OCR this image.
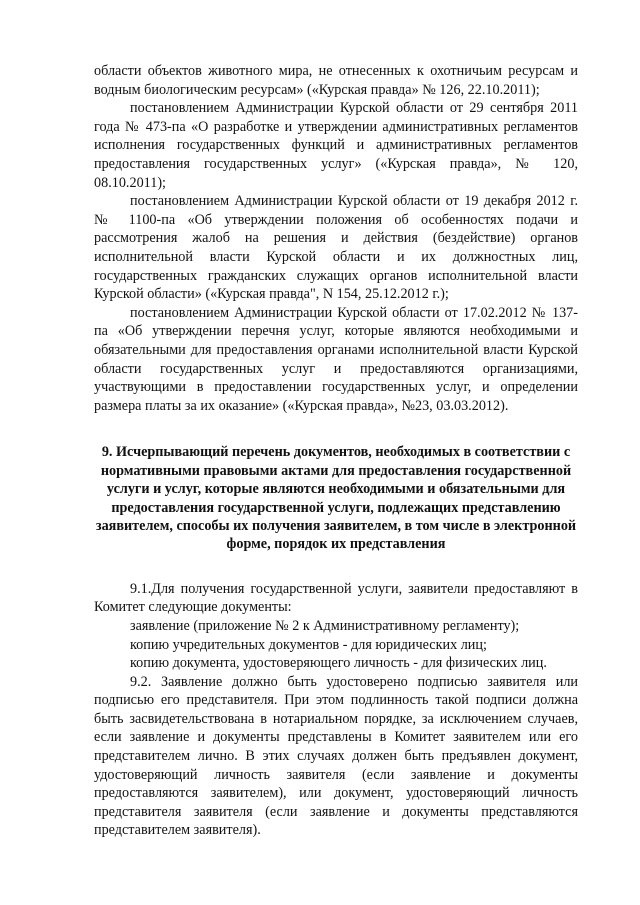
области объектов животного мира, не отнесенных к охотничьим ресурсам и водным биологическим ресурсам» («Курская правда» № 126, 22.10.2011);

постановлением Администрации Курской области от 29 сентября 2011 года № 473-па «О разработке и утверждении административных регламентов исполнения государственных функций и административных регламентов предоставления государственных услуг» («Курская правда», № 120, 08.10.2011);

постановлением Администрации Курской области от 19 декабря 2012 г. № 1100-па «Об утверждении положения об особенностях подачи и рассмотрения жалоб на решения и действия (бездействие) органов исполнительной власти Курской области и их должностных лиц, государственных гражданских служащих органов исполнительной власти Курской области» («Курская правда", N 154, 25.12.2012 г.);

постановлением Администрации Курской области от 17.02.2012 № 137-па «Об утверждении перечня услуг, которые являются необходимыми и обязательными для предоставления органами исполнительной власти Курской области государственных услуг и предоставляются организациями, участвующими в предоставлении государственных услуг, и определении размера платы за их оказание» («Курская правда», №23, 03.03.2012).

9. Исчерпывающий перечень документов, необходимых в соответствии с нормативными правовыми актами для предоставления государственной услуги и услуг, которые являются необходимыми и обязательными для предоставления государственной услуги, подлежащих представлению заявителем, способы их получения заявителем, в том числе в электронной форме, порядок их представления

9.1.Для получения государственной услуги, заявители предоставляют в Комитет следующие документы:

заявление (приложение № 2 к Административному регламенту);

копию учредительных документов - для юридических лиц;

копию документа, удостоверяющего личность - для физических лиц.

9.2. Заявление должно быть удостоверено подписью заявителя или подписью его представителя. При этом подлинность такой подписи должна быть засвидетельствована в нотариальном порядке, за исключением случаев, если заявление и документы представлены в Комитет заявителем или его представителем лично. В этих случаях должен быть предъявлен документ, удостоверяющий личность заявителя (если заявление и документы предоставляются заявителем), или документ, удостоверяющий личность представителя заявителя (если заявление и документы представляются представителем заявителя).
